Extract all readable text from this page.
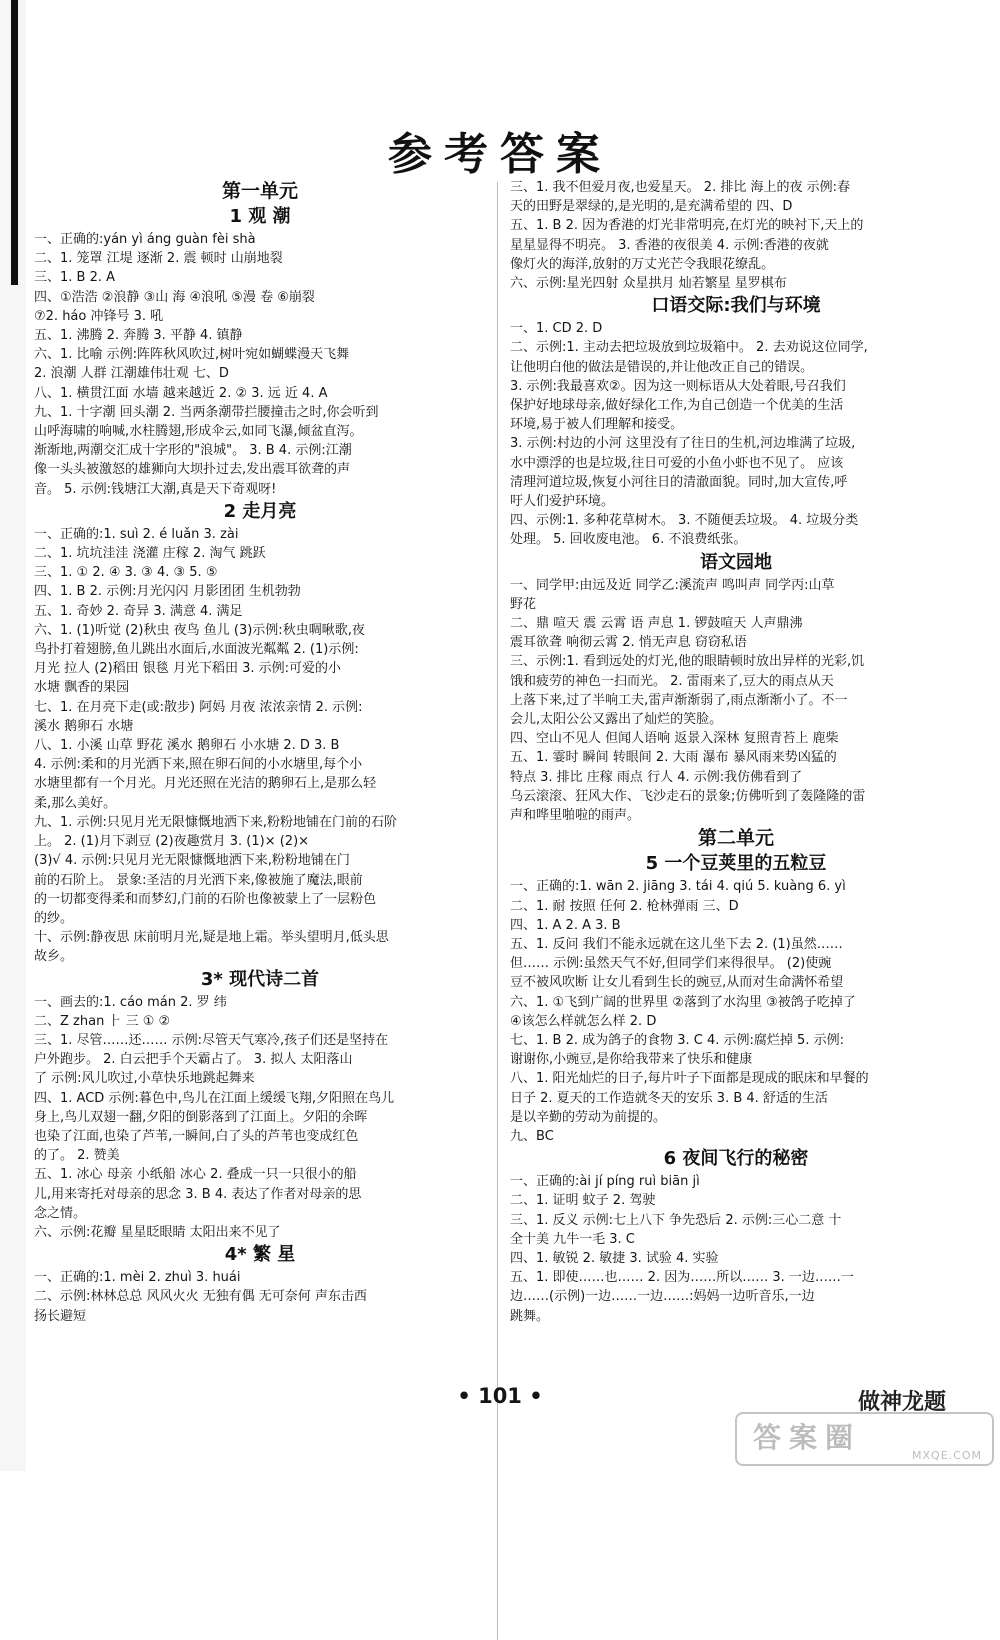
参考答案
第一单元
1 观 潮
一、正确的:yán yì áng guàn fèi shà
二、1. 笼罩 江堤 逐渐 2. 震 顿时 山崩地裂
三、1. B 2. A
四、①浩浩 ②浪静 ③山 海 ④浪吼 ⑤漫 卷 ⑥崩裂
⑦2. háo 冲锋号 3. 吼
五、1. 沸腾 2. 奔腾 3. 平静 4. 镇静
六、1. 比喻 示例:阵阵秋风吹过,树叶宛如蝴蝶漫天飞舞
2. 浪潮 人群 江潮雄伟壮观 七、D
八、1. 横贯江面 水墙 越来越近 2. ② 3. 远 近 4. A
九、1. 十字潮 回头潮 2. 当两条潮带拦腰撞击之时,你会听到
山呼海啸的响喊,水柱腾翅,形成伞云,如同飞瀑,倾盆直泻。
渐渐地,两潮交汇成十字形的"浪城"。 3. B 4. 示例:江潮
像一头头被激怒的雄狮向大坝扑过去,发出震耳欲聋的声
音。 5. 示例:钱塘江大潮,真是天下奇观呀!
2 走月亮
一、正确的:1. suì 2. é luǎn 3. zài
二、1. 坑坑洼洼 浇灌 庄稼 2. 淘气 跳跃
三、1. ① 2. ④ 3. ③ 4. ③ 5. ⑤
四、1. B 2. 示例:月光闪闪 月影团团 生机勃勃
五、1. 奇妙 2. 奇异 3. 满意 4. 满足
六、1. (1)听觉 (2)秋虫 夜鸟 鱼儿 (3)示例:秋虫啁啾歌,夜
鸟扑打着翅膀,鱼儿跳出水面后,水面波光粼粼 2. (1)示例:
月光 拉人 (2)稻田 银毯 月光下稻田 3. 示例:可爱的小
水塘 飘香的果园
七、1. 在月亮下走(或:散步) 阿妈 月夜 浓浓亲情 2. 示例:
溪水 鹅卵石 水塘
八、1. 小溪 山草 野花 溪水 鹅卵石 小水塘 2. D 3. B
4. 示例:柔和的月光洒下来,照在卵石间的小水塘里,每个小
水塘里都有一个月光。月光还照在光洁的鹅卵石上,是那么轻
柔,那么美好。
九、1. 示例:只见月光无限慷慨地洒下来,粉粉地铺在门前的石阶
上。 2. (1)月下剥豆 (2)夜趣赏月 3. (1)× (2)×
(3)√ 4. 示例:只见月光无限慷慨地洒下来,粉粉地铺在门
前的石阶上。 景象:圣洁的月光洒下来,像被施了魔法,眼前
的一切都变得柔和而梦幻,门前的石阶也像被蒙上了一层粉色
的纱。
十、示例:静夜思 床前明月光,疑是地上霜。举头望明月,低头思
故乡。
3* 现代诗二首
一、画去的:1. cáo mán 2. 罗 纬
二、Z zhan ⺊ 三 ① ②
三、1. 尽管……还…… 示例:尽管天气寒冷,孩子们还是坚持在
户外跑步。 2. 白云把手个天霸占了。 3. 拟人 太阳落山
了 示例:风儿吹过,小草快乐地跳起舞来
四、1. ACD 示例:暮色中,鸟儿在江面上缓缓飞翔,夕阳照在鸟儿
身上,鸟儿双翅一翻,夕阳的倒影落到了江面上。夕阳的余晖
也染了江面,也染了芦苇,一瞬间,白了头的芦苇也变成红色
的了。 2. 赞美
五、1. 冰心 母亲 小纸船 冰心 2. 叠成一只一只很小的船
儿,用来寄托对母亲的思念 3. B 4. 表达了作者对母亲的思
念之情。
六、示例:花瓣 星星眨眼睛 太阳出来不见了
4* 繁 星
一、正确的:1. mèi 2. zhuì 3. huái
二、示例:林林总总 风风火火 无独有偶 无可奈何 声东击西
扬长避短
三、1. 我不但爱月夜,也爱星天。 2. 排比 海上的夜 示例:春
天的田野是翠绿的,是光明的,是充满希望的 四、D
五、1. B 2. 因为香港的灯光非常明亮,在灯光的映衬下,天上的
星星显得不明亮。 3. 香港的夜很美 4. 示例:香港的夜就
像灯火的海洋,放射的万丈光芒令我眼花缭乱。
六、示例:星光四射 众星拱月 灿若繁星 星罗棋布
口语交际:我们与环境
一、1. CD 2. D
二、示例:1. 主动去把垃圾放到垃圾箱中。 2. 去劝说这位同学,
让他明白他的做法是错误的,并让他改正自己的错误。
3. 示例:我最喜欢②。因为这一则标语从大处着眼,号召我们
保护好地球母亲,做好绿化工作,为自己创造一个优美的生活
环境,易于被人们理解和接受。
3. 示例:村边的小河 这里没有了往日的生机,河边堆满了垃圾,
水中漂浮的也是垃圾,往日可爱的小鱼小虾也不见了。 应该
清理河道垃圾,恢复小河往日的清澈面貌。同时,加大宣传,呼
吁人们爱护环境。
四、示例:1. 多种花草树木。 3. 不随便丢垃圾。 4. 垃圾分类
处理。 5. 回收废电池。 6. 不浪费纸张。
语文园地
一、同学甲:由远及近 同学乙:溪流声 鸣叫声 同学丙:山草
野花
二、鼎 喧天 震 云霄 语 声息 1. 锣鼓喧天 人声鼎沸
震耳欲聋 响彻云霄 2. 悄无声息 窃窃私语
三、示例:1. 看到远处的灯光,他的眼睛顿时放出异样的光彩,饥
饿和疲劳的神色一扫而光。 2. 雷雨来了,豆大的雨点从天
上落下来,过了半响工夫,雷声渐渐弱了,雨点渐渐小了。不一
会儿,太阳公公又露出了灿烂的笑脸。
四、空山不见人 但闻人语响 返景入深林 复照青苔上 鹿柴
五、1. 霎时 瞬间 转眼间 2. 大雨 瀑布 暴风雨来势凶猛的
特点 3. 排比 庄稼 雨点 行人 4. 示例:我仿佛看到了
乌云滚滚、狂风大作、飞沙走石的景象;仿佛听到了轰隆隆的雷
声和哗里啪啦的雨声。
第二单元
5 一个豆荚里的五粒豆
一、正确的:1. wān 2. jiāng 3. tái 4. qiú 5. kuàng 6. yì
二、1. 耐 按照 任何 2. 枪林弹雨 三、D
四、1. A 2. A 3. B
五、1. 反问 我们不能永远就在这儿坐下去 2. (1)虽然……
但…… 示例:虽然天气不好,但同学们来得很早。 (2)使豌
豆不被风吹断 让女儿看到生长的豌豆,从而对生命满怀希望
六、1. ①飞到广阔的世界里 ②落到了水沟里 ③被鸽子吃掉了
④该怎么样就怎么样 2. D
七、1. B 2. 成为鸽子的食物 3. C 4. 示例:腐烂掉 5. 示例:
谢谢你,小豌豆,是你给我带来了快乐和健康
八、1. 阳光灿烂的日子,每片叶子下面都是现成的眠床和早餐的
日子 2. 夏天的工作造就冬天的安乐 3. B 4. 舒适的生活
是以辛勤的劳动为前提的。
九、BC
6 夜间飞行的秘密
一、正确的:ài jí píng ruì biān jì
二、1. 证明 蚊子 2. 驾驶
三、1. 反义 示例:七上八下 争先恐后 2. 示例:三心二意 十
全十美 九牛一毛 3. C
四、1. 敏锐 2. 敏捷 3. 试验 4. 实验
五、1. 即使……也…… 2. 因为……所以…… 3. 一边……一
边……(示例)一边……一边……:妈妈一边听音乐,一边
跳舞。
• 101 •	做神龙题
答案圈
MXQE.COM
